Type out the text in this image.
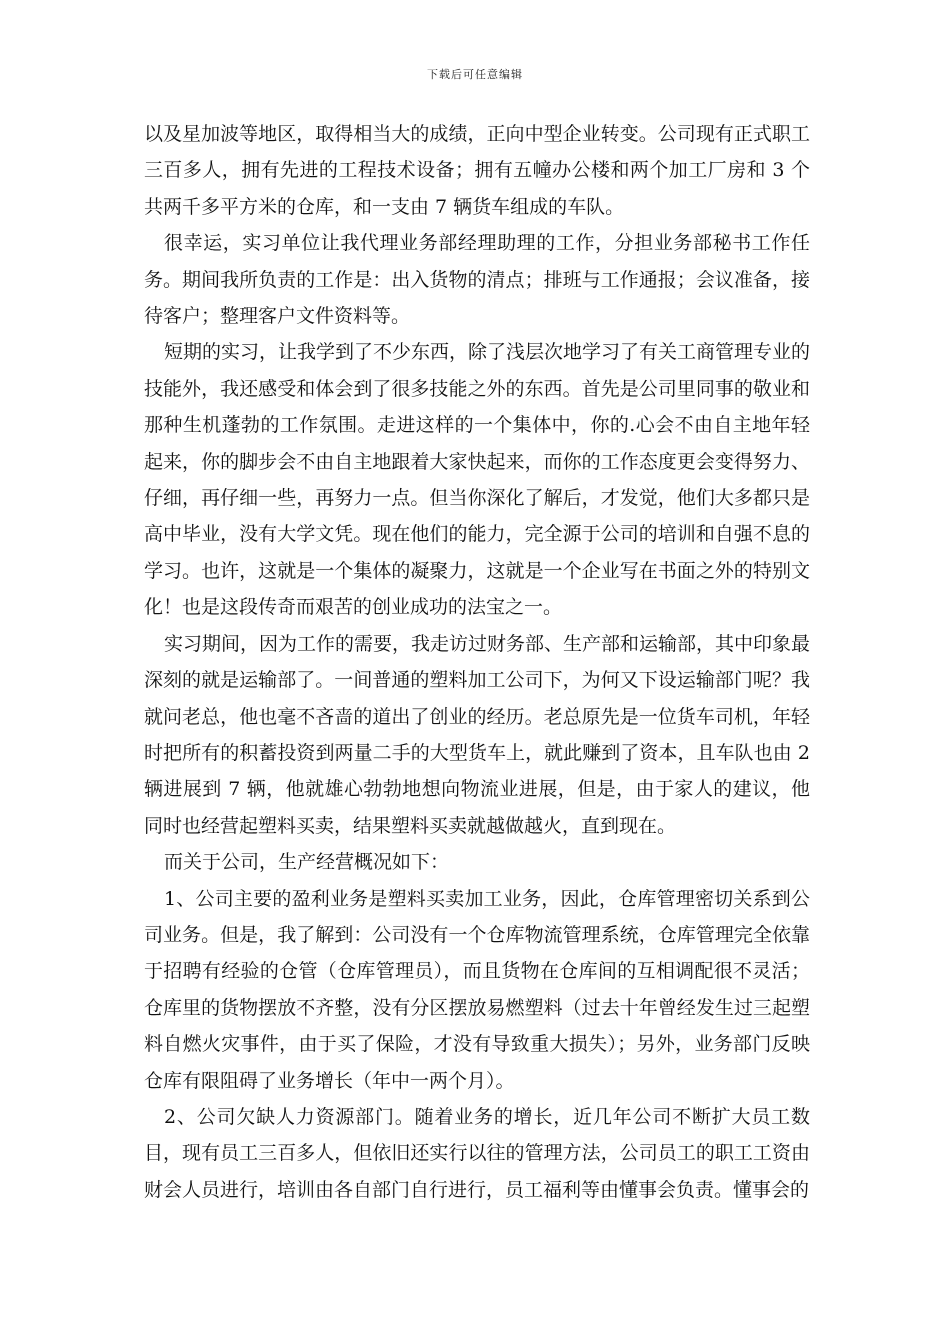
下载后可任意编辑

以及星加波等地区，取得相当大的成绩，正向中型企业转变。公司现有正式职工三百多人，拥有先进的工程技术设备；拥有五幢办公楼和两个加工厂房和 3 个共两千多平方米的仓库，和一支由 7 辆货车组成的车队。

很幸运，实习单位让我代理业务部经理助理的工作，分担业务部秘书工作任务。期间我所负责的工作是：出入货物的清点；排班与工作通报；会议准备，接待客户；整理客户文件资料等。

短期的实习，让我学到了不少东西，除了浅层次地学习了有关工商管理专业的技能外，我还感受和体会到了很多技能之外的东西。首先是公司里同事的敬业和那种生机蓬勃的工作氛围。走进这样的一个集体中，你的.心会不由自主地年轻起来，你的脚步会不由自主地跟着大家快起来，而你的工作态度更会变得努力、仔细，再仔细一些，再努力一点。但当你深化了解后，才发觉，他们大多都只是高中毕业，没有大学文凭。现在他们的能力，完全源于公司的培训和自强不息的学习。也许，这就是一个集体的凝聚力，这就是一个企业写在书面之外的特别文化！也是这段传奇而艰苦的创业成功的法宝之一。

实习期间，因为工作的需要，我走访过财务部、生产部和运输部，其中印象最深刻的就是运输部了。一间普通的塑料加工公司下，为何又下设运输部门呢？我就问老总，他也毫不吝啬的道出了创业的经历。老总原先是一位货车司机，年轻时把所有的积蓄投资到两量二手的大型货车上，就此赚到了资本，且车队也由 2 辆进展到 7 辆，他就雄心勃勃地想向物流业进展，但是，由于家人的建议，他同时也经营起塑料买卖，结果塑料买卖就越做越火，直到现在。

而关于公司，生产经营概况如下：

1、公司主要的盈利业务是塑料买卖加工业务，因此，仓库管理密切关系到公司业务。但是，我了解到：公司没有一个仓库物流管理系统，仓库管理完全依靠于招聘有经验的仓管（仓库管理员），而且货物在仓库间的互相调配很不灵活；仓库里的货物摆放不齐整，没有分区摆放易燃塑料（过去十年曾经发生过三起塑料自燃火灾事件，由于买了保险，才没有导致重大损失）；另外，业务部门反映仓库有限阻碍了业务增长（年中一两个月）。

2、公司欠缺人力资源部门。随着业务的增长，近几年公司不断扩大员工数目，现有员工三百多人，但依旧还实行以往的管理方法，公司员工的职工工资由财会人员进行，培训由各自部门自行进行，员工福利等由懂事会负责。懂事会的
